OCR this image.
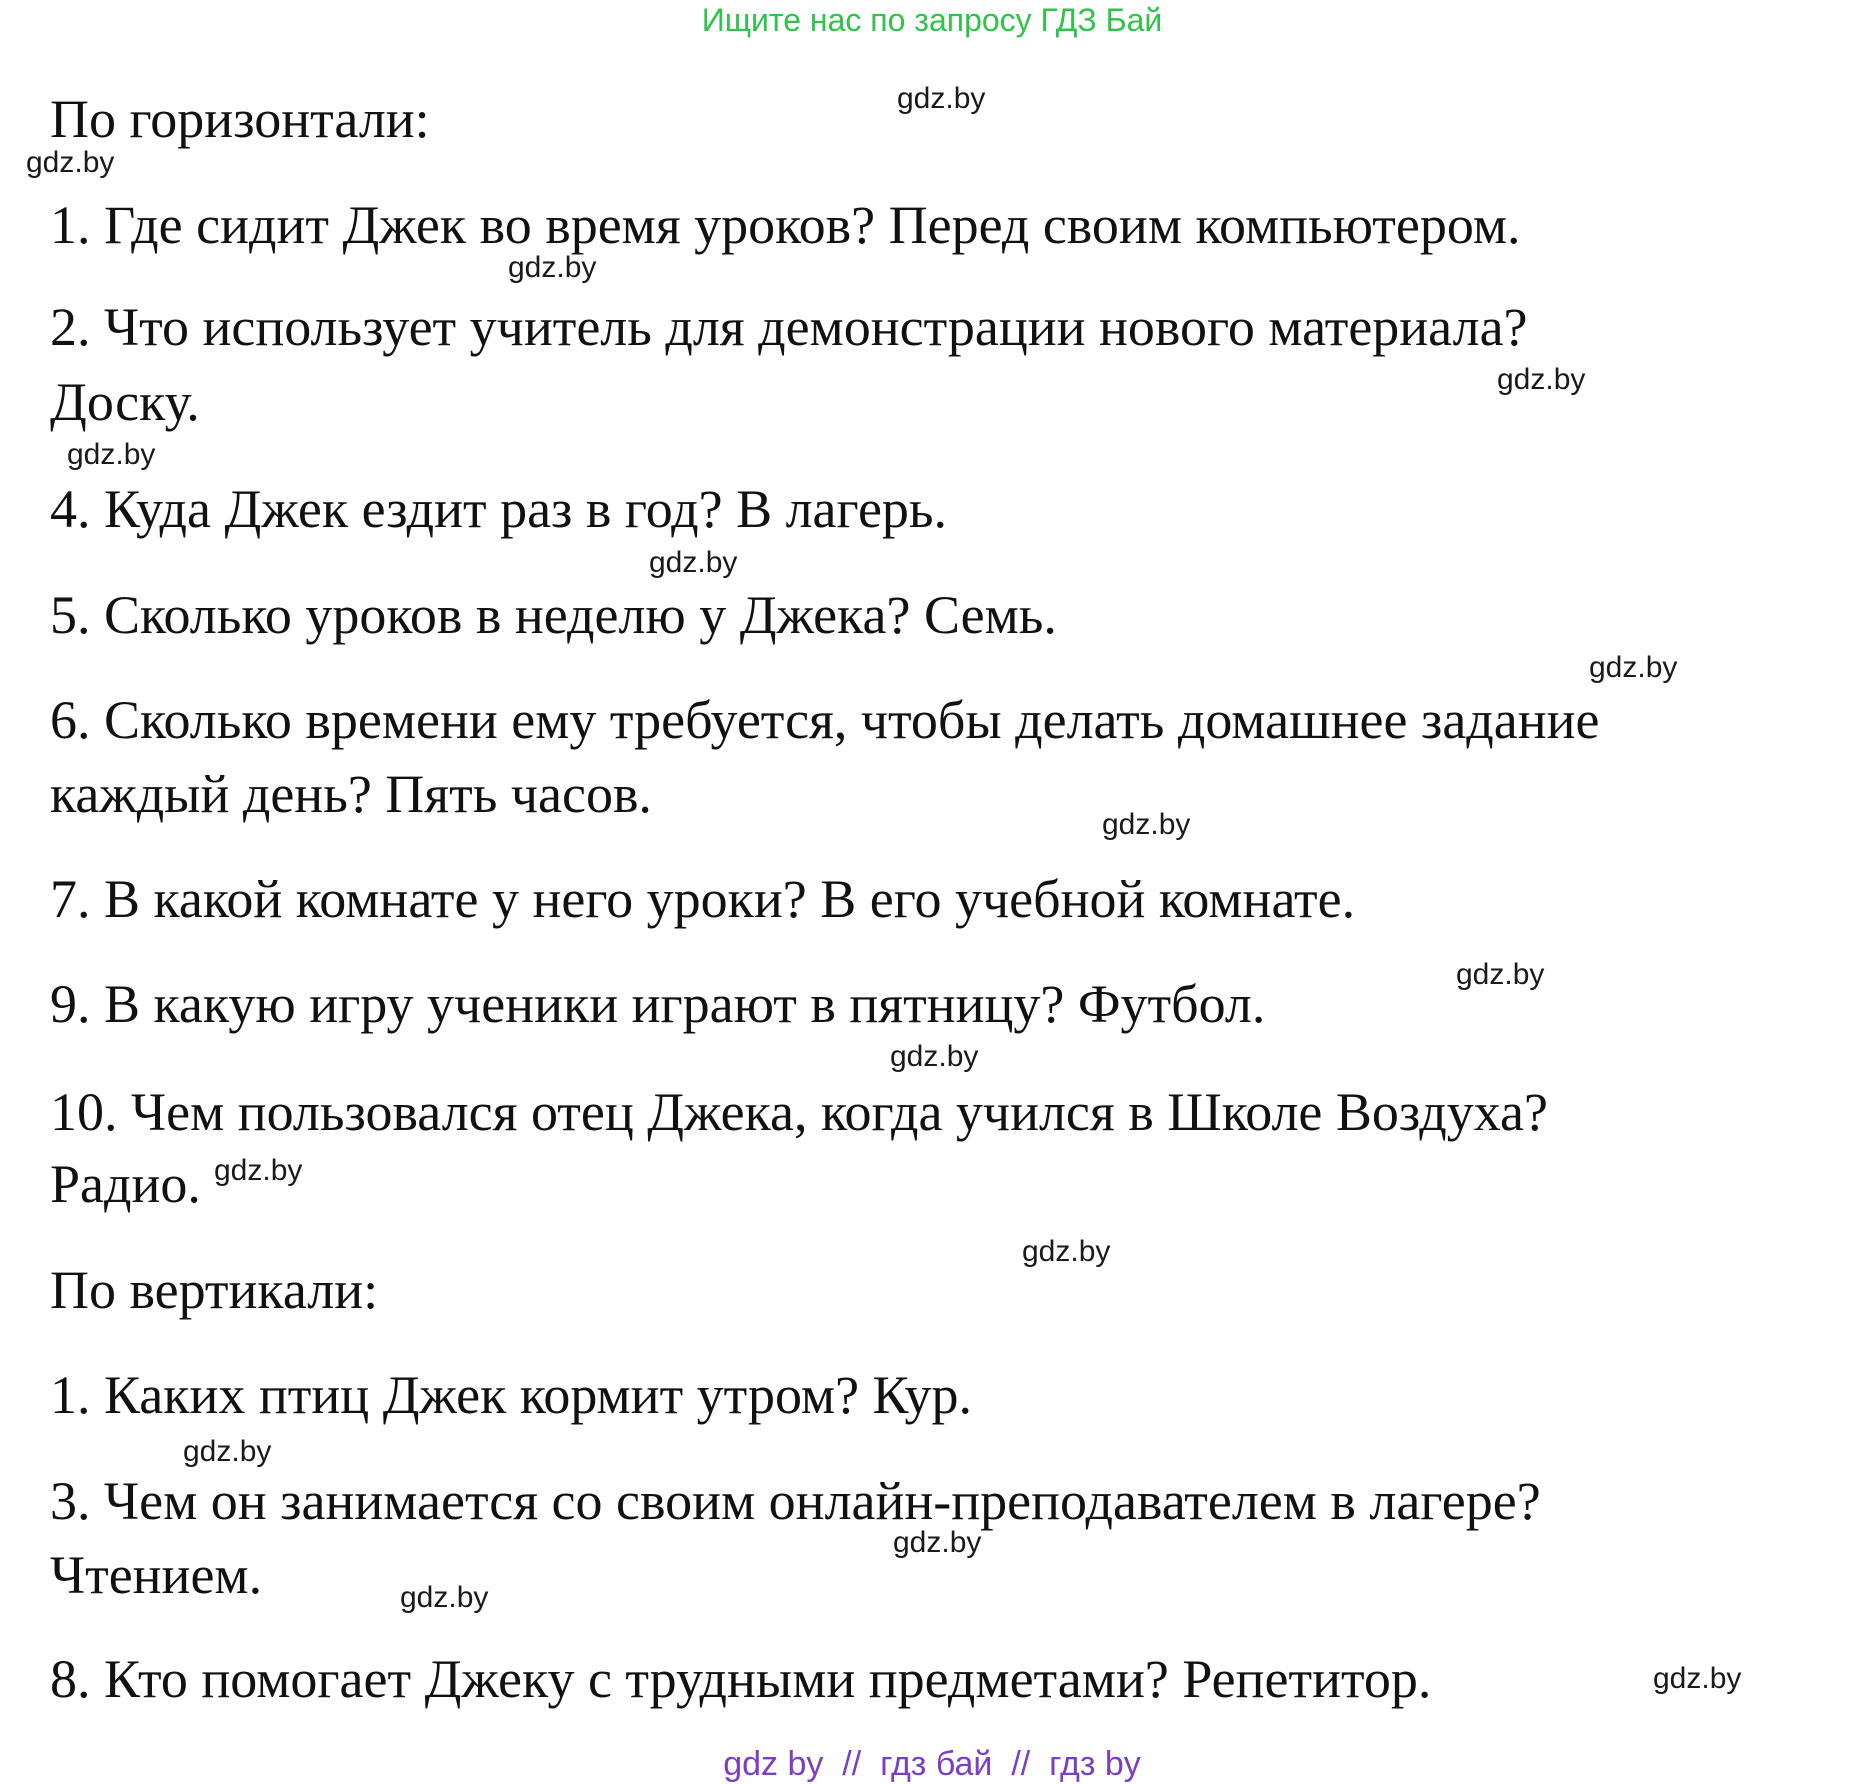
Ищите нас по запросу ГДЗ Бай
По горизонтали:
1. Где сидит Джек во время уроков? Перед своим компьютером.
2. Что использует учитель для демонстрации нового материала?
Доску.
4. Куда Джек ездит раз в год? В лагерь.
5. Сколько уроков в неделю у Джека? Семь.
6. Сколько времени ему требуется, чтобы делать домашнее задание
каждый день? Пять часов.
7. В какой комнате у него уроки? В его учебной комнате.
9. В какую игру ученики играют в пятницу? Футбол.
10. Чем пользовался отец Джека, когда учился в Школе Воздуха?
Радио.
По вертикали:
1. Каких птиц Джек кормит утром? Кур.
3. Чем он занимается со своим онлайн-преподавателем в лагере?
Чтением.
8. Кто помогает Джеку с трудными предметами? Репетитор.
gdz.by
gdz.by
gdz.by
gdz.by
gdz.by
gdz.by
gdz.by
gdz.by
gdz.by
gdz.by
gdz.by
gdz.by
gdz.by
gdz.by
gdz.by
gdz.by
gdz by  //  гдз бай  //  гдз by
